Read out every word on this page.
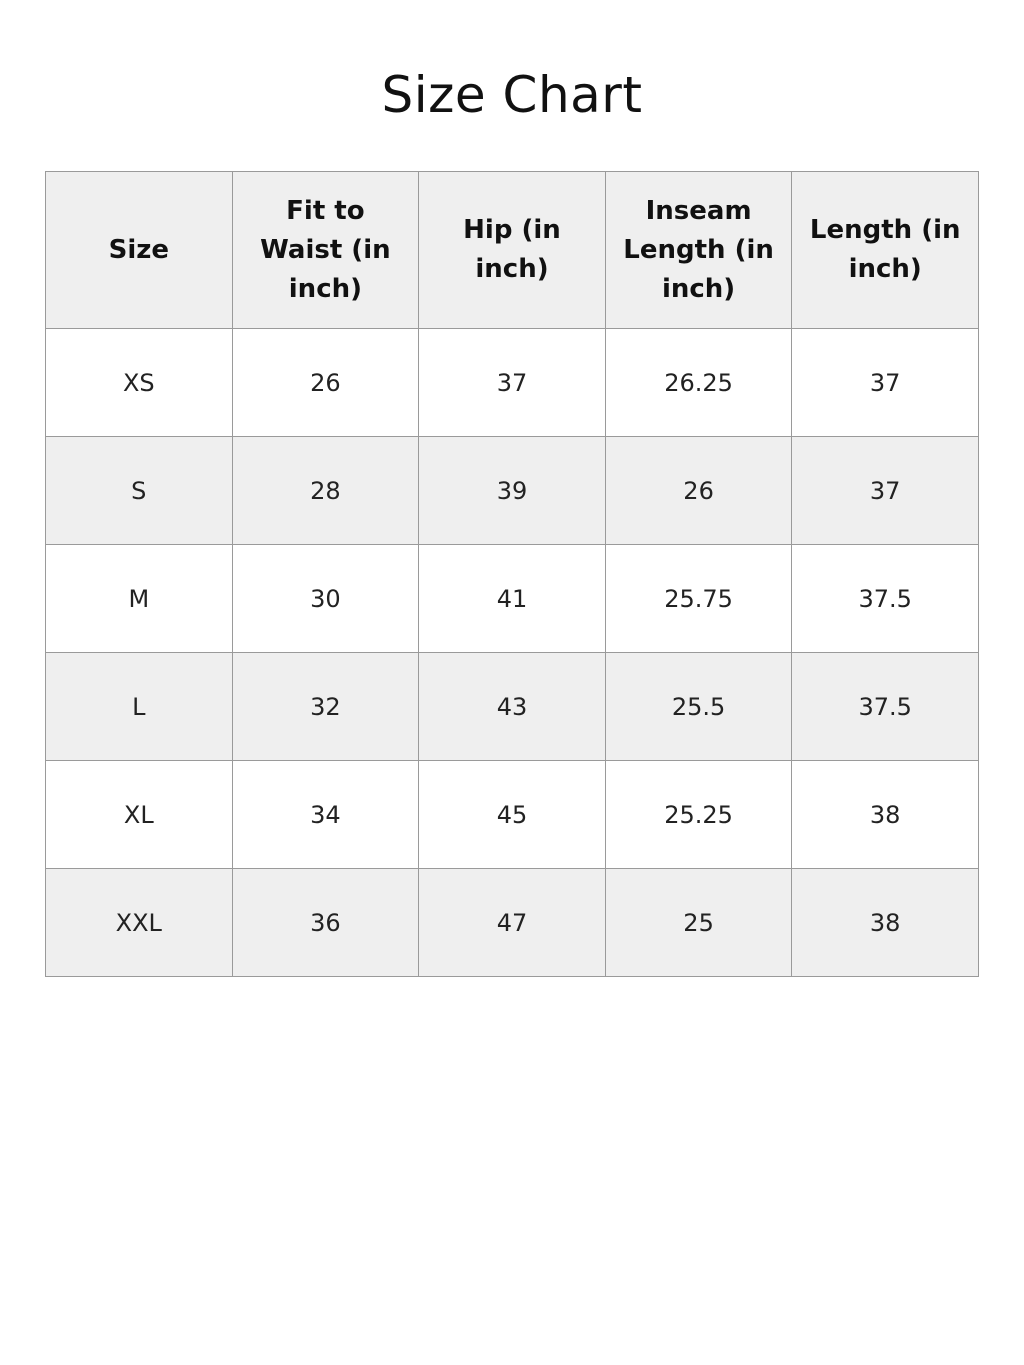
Size Chart
Size	Fit to Waist (in inch)	Hip (in inch)	Inseam Length (in inch)	Length (in inch)
XS	26	37	26.25	37
S	28	39	26	37
M	30	41	25.75	37.5
L	32	43	25.5	37.5
XL	34	45	25.25	38
XXL	36	47	25	38
